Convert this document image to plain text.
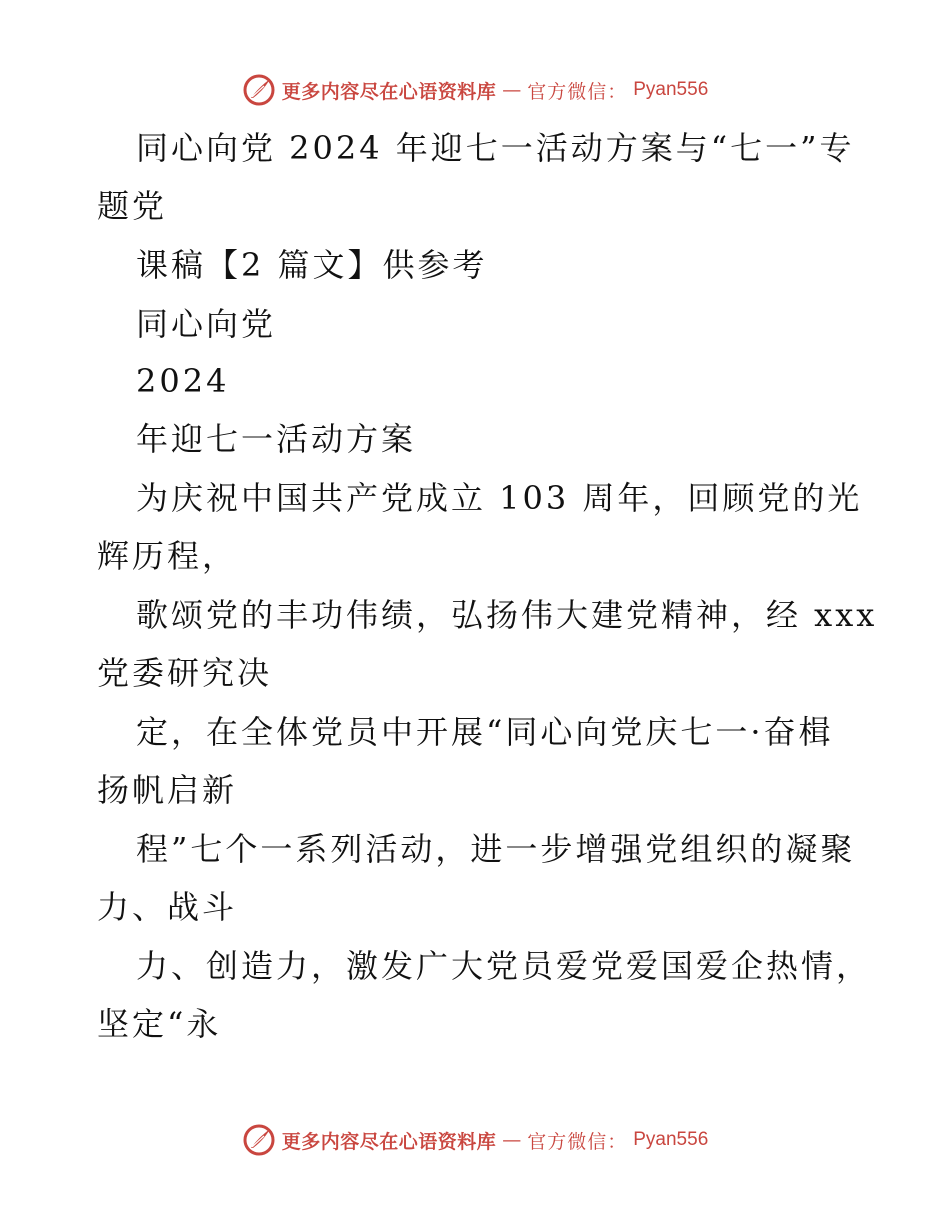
更多内容尽在心语资料库 — 官方微信： Pyan556
同心向党 2024 年迎七一活动方案与“七一”专
题党
课稿【2 篇文】供参考
同心向党
2024
年迎七一活动方案
为庆祝中国共产党成立 103 周年，回顾党的光
辉历程，
歌颂党的丰功伟绩，弘扬伟大建党精神，经 xxx
党委研究决
定，在全体党员中开展“同心向党庆七一·奋楫
扬帆启新
程”七个一系列活动，进一步增强党组织的凝聚
力、战斗
力、创造力，激发广大党员爱党爱国爱企热情，
坚定“永
更多内容尽在心语资料库 — 官方微信： Pyan556
